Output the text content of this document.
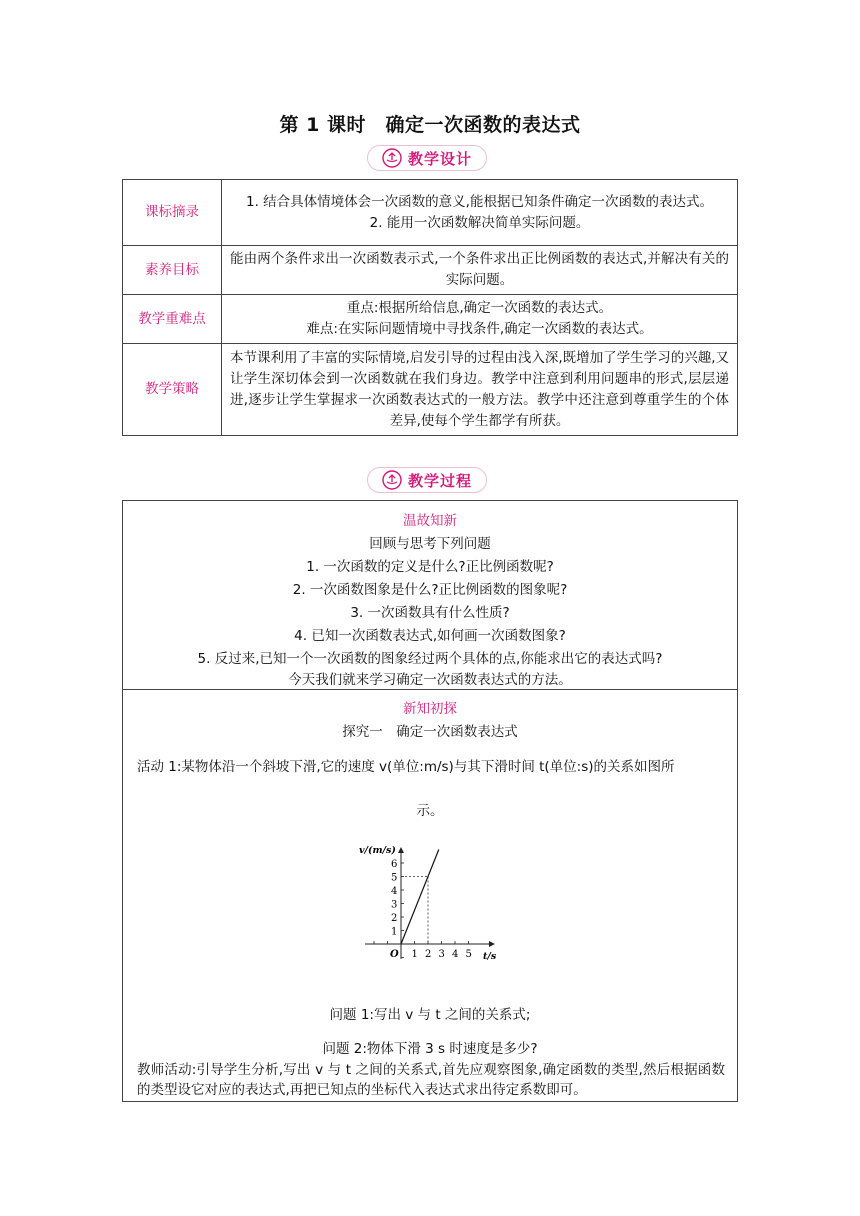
第 1 课时　确定一次函数的表达式
教学设计
课标摘录	1. 结合具体情境体会一次函数的意义,能根据已知条件确定一次函数的表达式。
2. 能用一次函数解决简单实际问题。

素养目标	能由两个条件求出一次函数表示式,一个条件求出正比例函数的表达式,并解决有关的实际问题。
教学重难点	重点:根据所给信息,确定一次函数的表达式。
难点:在实际问题情境中寻找条件,确定一次函数的表达式。

教学策略	本节课利用了丰富的实际情境,启发引导的过程由浅入深,既增加了学生学习的兴趣,又让学生深切体会到一次函数就在我们身边。教学中注意到利用问题串的形式,层层递进,逐步让学生掌握求一次函数表达式的一般方法。教学中还注意到尊重学生的个体差异,使每个学生都学有所获。
教学过程
温故知新
回顾与思考下列问题
1. 一次函数的定义是什么?正比例函数呢?
2. 一次函数图象是什么?正比例函数的图象呢?
3. 一次函数具有什么性质?
4. 已知一次函数表达式,如何画一次函数图象?
5. 反过来,已知一个一次函数的图象经过两个具体的点,你能求出它的表达式吗?
今天我们就来学习确定一次函数表达式的方法。
新知初探
探究一　确定一次函数表达式
活动 1:某物体沿一个斜坡下滑,它的速度 v(单位:m/s)与其下滑时间 t(单位:s)的关系如图所
示。
1 2 3 4 5
1
2
3
4
5
6
v/(m/s)
t/s
O
问题 1:写出 v 与 t 之间的关系式;
问题 2:物体下滑 3 s 时速度是多少?
教师活动:引导学生分析,写出 v 与 t 之间的关系式,首先应观察图象,确定函数的类型,然后根据函数的类型设它对应的表达式,再把已知点的坐标代入表达式求出待定系数即可。
